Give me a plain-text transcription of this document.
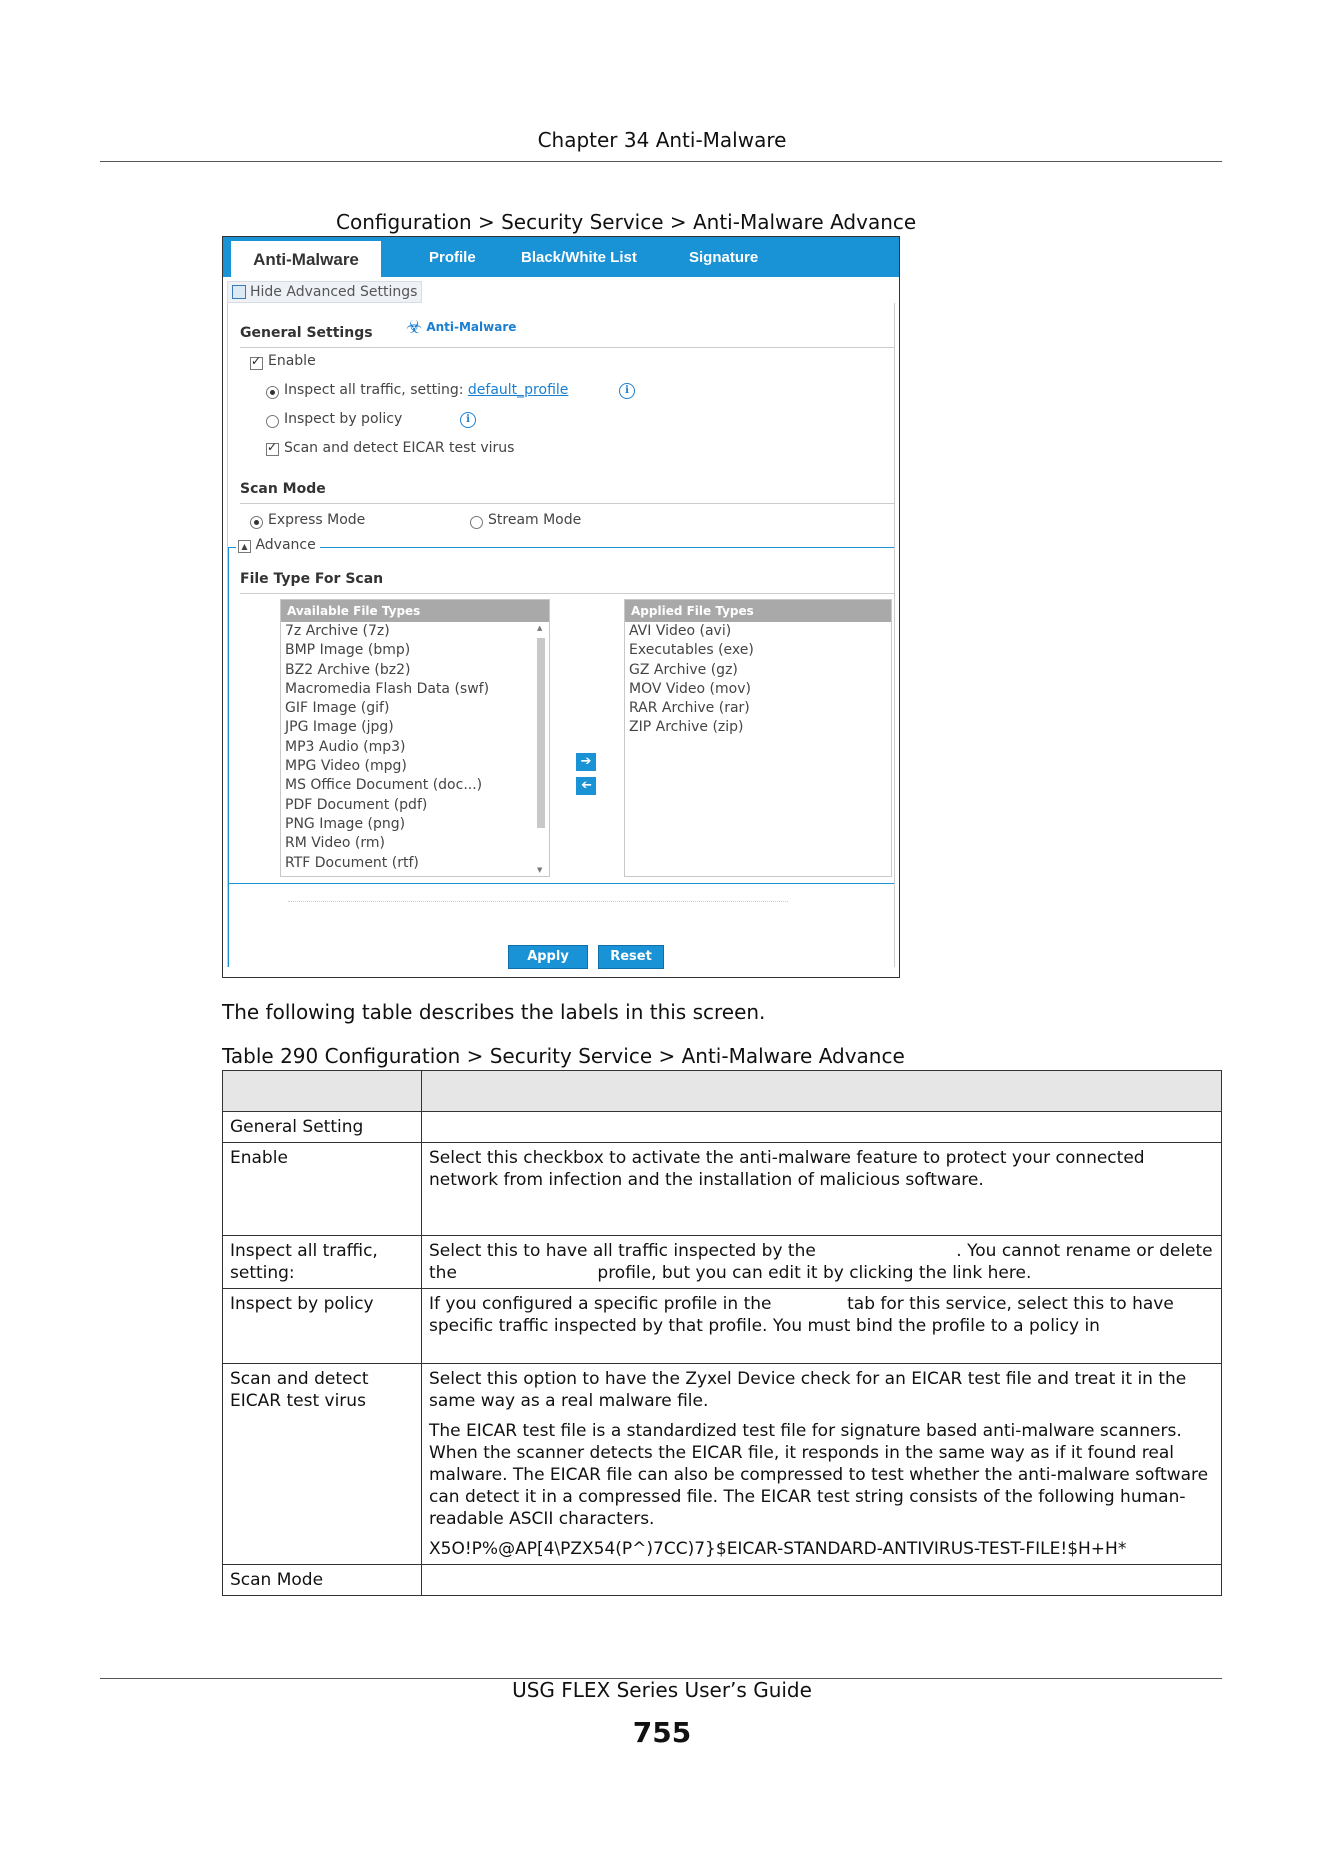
Chapter 34 Anti-Malware
Configuration > Security Service > Anti-Malware Advance
Anti-Malware	Profile	Black/White List	Signature
Hide Advanced Settings
General Settings ☣ Anti-Malware
✓
Enable
Inspect all traffic, setting: default_profile	i
Inspect by policy	i
✓
Scan and detect EICAR test virus
Scan Mode
Express Mode	Stream Mode
▲ Advance
File Type For Scan
Available File Types
7z Archive (7z)
BMP Image (bmp)
BZ2 Archive (bz2)
Macromedia Flash Data (swf)
GIF Image (gif)
JPG Image (jpg)
MP3 Audio (mp3)
MPG Video (mpg)
MS Office Document (doc...)
PDF Document (pdf)
PNG Image (png)
RM Video (rm)
RTF Document (rtf)
▲
▼
➔
➔
Applied File Types
AVI Video (avi)
Executables (exe)
GZ Archive (gz)
MOV Video (mov)
RAR Archive (rar)
ZIP Archive (zip)
Apply	Reset
The following table describes the labels in this screen.
Table 290 Configuration > Security Service > Anti-Malware Advance

General Setting	
Enable	Select this checkbox to activate the anti-malware feature to protect your connected network from infection and the installation of malicious software.

Inspect all traffic, setting:	Select this to have all traffic inspected by the                          . You cannot rename or delete the                          profile, but you can edit it by clicking the link here.

Inspect by policy	If you configured a specific profile in the              tab for this service, select this to have specific traffic inspected by that profile. You must bind the profile to a policy in

Scan and detect EICAR test virus	Select this option to have the Zyxel Device check for an EICAR test file and treat it in the same way as a real malware file.

The EICAR test file is a standardized test file for signature based anti-malware scanners. When the scanner detects the EICAR file, it responds in the same way as if it found real malware. The EICAR file can also be compressed to test whether the anti-malware software can detect it in a compressed file. The EICAR test string consists of the following human-readable ASCII characters.

X5O!P%@AP[4\PZX54(P^)7CC)7}$EICAR-STANDARD-ANTIVIRUS-TEST-FILE!$H+H*

Scan Mode	
USG FLEX Series User’s Guide
755
